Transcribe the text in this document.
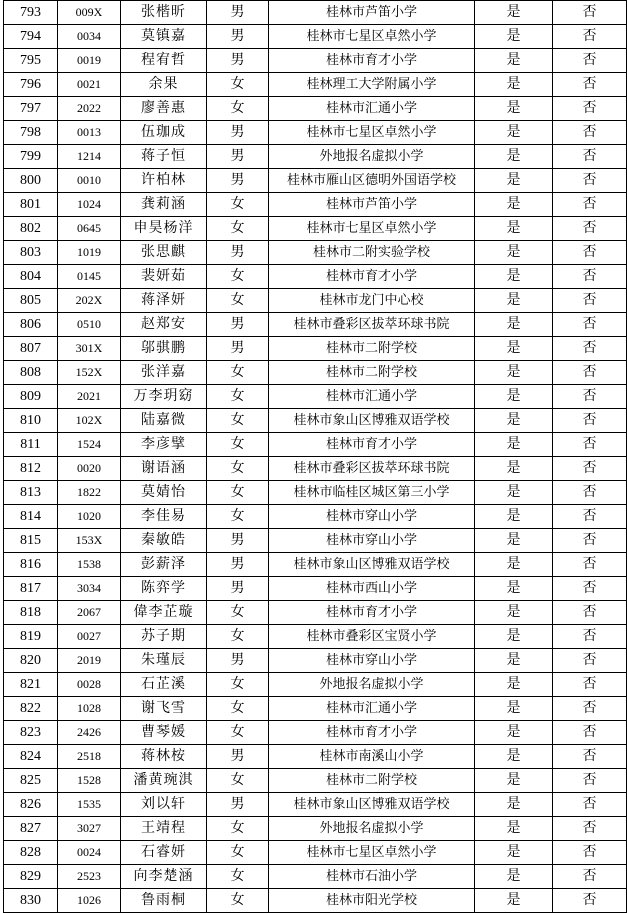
793	009X	张楷昕	男	桂林市芦笛小学	是	否
794	0034	莫镇嘉	男	桂林市七星区卓然小学	是	否
795	0019	程宥哲	男	桂林市育才小学	是	否
796	0021	余果	女	桂林理工大学附属小学	是	否
797	2022	廖善惠	女	桂林市汇通小学	是	否
798	0013	伍珈成	男	桂林市七星区卓然小学	是	否
799	1214	蒋子恒	男	外地报名虚拟小学	是	否
800	0010	许柏林	男	桂林市雁山区德明外国语学校	是	否
801	1024	龚莉涵	女	桂林市芦笛小学	是	否
802	0645	申昊杨洋	女	桂林市七星区卓然小学	是	否
803	1019	张思麒	男	桂林市二附实验学校	是	否
804	0145	裴妍茹	女	桂林市育才小学	是	否
805	202X	蒋泽妍	女	桂林市龙门中心校	是	否
806	0510	赵郑安	男	桂林市叠彩区拔萃环球书院	是	否
807	301X	邬骐鹏	男	桂林市二附学校	是	否
808	152X	张洋嘉	女	桂林市二附学校	是	否
809	2021	万李玥窈	女	桂林市汇通小学	是	否
810	102X	陆嘉微	女	桂林市象山区博雅双语学校	是	否
811	1524	李彦擘	女	桂林市育才小学	是	否
812	0020	谢语涵	女	桂林市叠彩区拔萃环球书院	是	否
813	1822	莫婧怡	女	桂林市临桂区城区第三小学	是	否
814	1020	李佳易	女	桂林市穿山小学	是	否
815	153X	秦敏皓	男	桂林市穿山小学	是	否
816	1538	彭薪泽	男	桂林市象山区博雅双语学校	是	否
817	3034	陈弈学	男	桂林市西山小学	是	否
818	2067	偉李芷璇	女	桂林市育才小学	是	否
819	0027	苏子期	女	桂林市叠彩区宝贤小学	是	否
820	2019	朱瑾辰	男	桂林市穿山小学	是	否
821	0028	石芷溪	女	外地报名虚拟小学	是	否
822	1028	谢飞雪	女	桂林市汇通小学	是	否
823	2426	曹琴媛	女	桂林市育才小学	是	否
824	2518	蒋林桉	男	桂林市南溪山小学	是	否
825	1528	潘黄琬淇	女	桂林市二附学校	是	否
826	1535	刘以轩	男	桂林市象山区博雅双语学校	是	否
827	3027	王靖程	女	外地报名虚拟小学	是	否
828	0024	石睿妍	女	桂林市七星区卓然小学	是	否
829	2523	向李楚涵	女	桂林市石油小学	是	否
830	1026	鲁雨桐	女	桂林市阳光学校	是	否
